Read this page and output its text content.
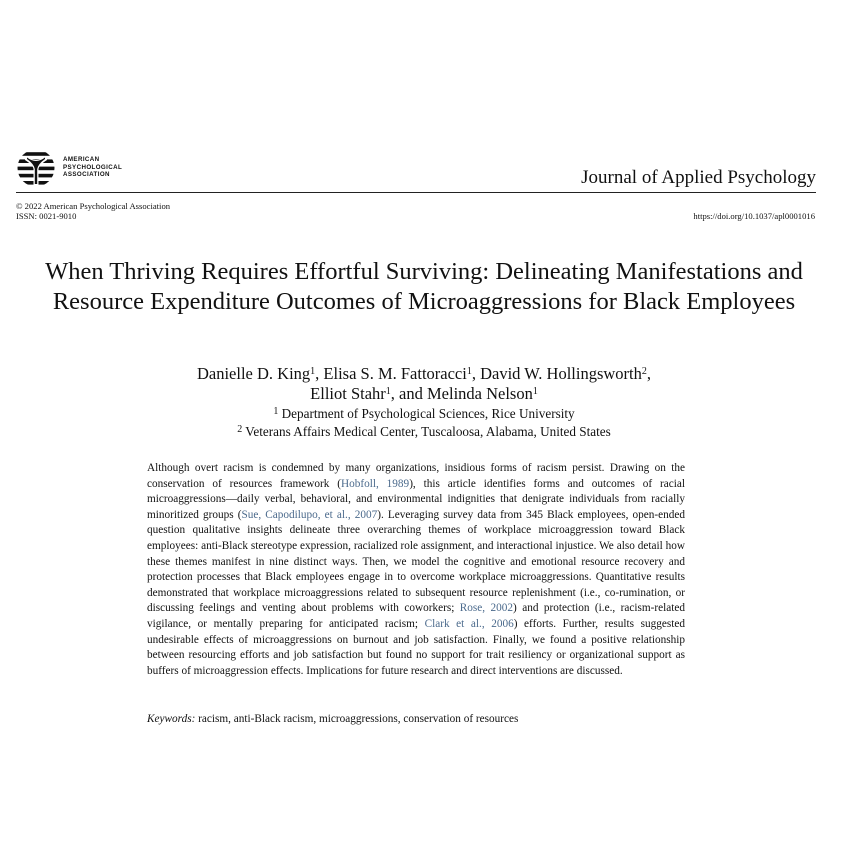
AMERICAN
PSYCHOLOGICAL
ASSOCIATION	Journal of Applied Psychology
© 2022 American Psychological Association
ISSN: 0021-9010	https://doi.org/10.1037/apl0001016
When Thriving Requires Effortful Surviving: Delineating Manifestations and Resource Expenditure Outcomes of Microaggressions for Black Employees
Danielle D. King$^1$, Elisa S. M. Fattoracci$^1$, David W. Hollingsworth$^2$,
Elliot Stahr$^1$, and Melinda Nelson$^1$
$^1$ Department of Psychological Sciences, Rice University
$^2$ Veterans Affairs Medical Center, Tuscaloosa, Alabama, United States
Although overt racism is condemned by many organizations, insidious forms of racism persist. Drawing on the conservation of resources framework (Hobfoll, 1989), this article identifies forms and outcomes of racial microaggressions—daily verbal, behavioral, and environmental indignities that denigrate individuals from racially minoritized groups (Sue, Capodilupo, et al., 2007). Leveraging survey data from 345 Black employees, open-ended question qualitative insights delineate three overarching themes of workplace microaggression toward Black employees: anti-Black stereotype expression, racialized role assignment, and interactional injustice. We also detail how these themes manifest in nine distinct ways. Then, we model the cognitive and emotional resource recovery and protection processes that Black employees engage in to overcome workplace microaggressions. Quantitative results demonstrated that workplace microaggressions related to subsequent resource replenishment (i.e., co-rumination, or discussing feelings and venting about problems with coworkers; Rose, 2002) and protection (i.e., racism-related vigilance, or mentally preparing for anticipated racism; Clark et al., 2006) efforts. Further, results suggested undesirable effects of microaggressions on burnout and job satisfaction. Finally, we found a positive relationship between resourcing efforts and job satisfaction but found no support for trait resiliency or organizational support as buffers of microaggression effects. Implications for future research and direct interventions are discussed.
Keywords: racism, anti-Black racism, microaggressions, conservation of resources
